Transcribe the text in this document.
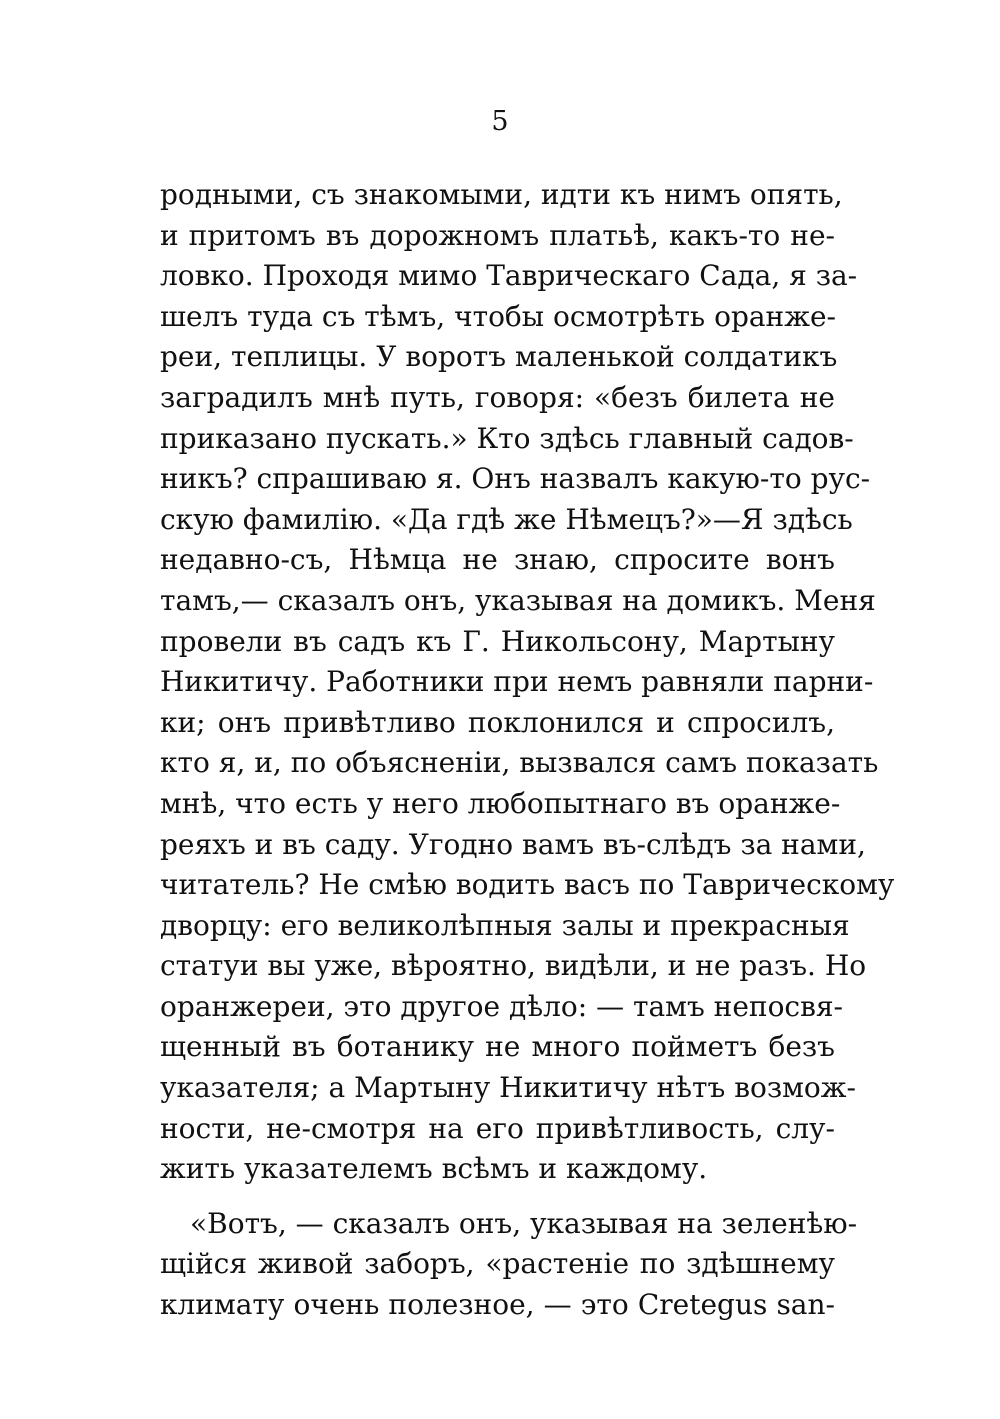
5
родными, съ знакомыми, идти къ нимъ опять,
и притомъ въ дорожномъ платьѣ, какъ-то не-
ловко. Проходя мимо Таврическаго Сада, я за-
шелъ туда съ тѣмъ, чтобы осмотрѣть оранже-
реи, теплицы. У воротъ маленькой солдатикъ
заградилъ мнѣ путь, говоря: «безъ билета не
приказано пускать.» Кто здѣсь главный садов-
никъ? спрашиваю я. Онъ назвалъ какую-то рус-
скую фамилію. «Да гдѣ же Нѣмецъ?»—Я здѣсь
недавно-съ, Нѣмца не знаю, спросите вонъ
тамъ,— сказалъ онъ, указывая на домикъ. Меня
провели въ садъ къ Г. Никольсону, Мартыну
Никитичу. Работники при немъ равняли парни-
ки; онъ привѣтливо поклонился и спросилъ,
кто я, и, по объясненіи, вызвался самъ показать
мнѣ, что есть у него любопытнаго въ оранже-
реяхъ и въ саду. Угодно вамъ въ-слѣдъ за нами,
читатель? Не смѣю водить васъ по Таврическому
дворцу: его великолѣпныя залы и прекрасныя
статуи вы уже, вѣроятно, видѣли, и не разъ. Но
оранжереи, это другое дѣло: — тамъ непосвя-
щенный въ ботанику не много пойметъ безъ
указателя; а Мартыну Никитичу нѣтъ возмож-
ности, не-смотря на его привѣтливость, слу-
жить указателемъ всѣмъ и каждому.
«Вотъ, — сказалъ онъ, указывая на зеленѣю-
щійся живой заборъ, «растеніе по здѣшнему
климату очень полезное, — это Cretegus san-
